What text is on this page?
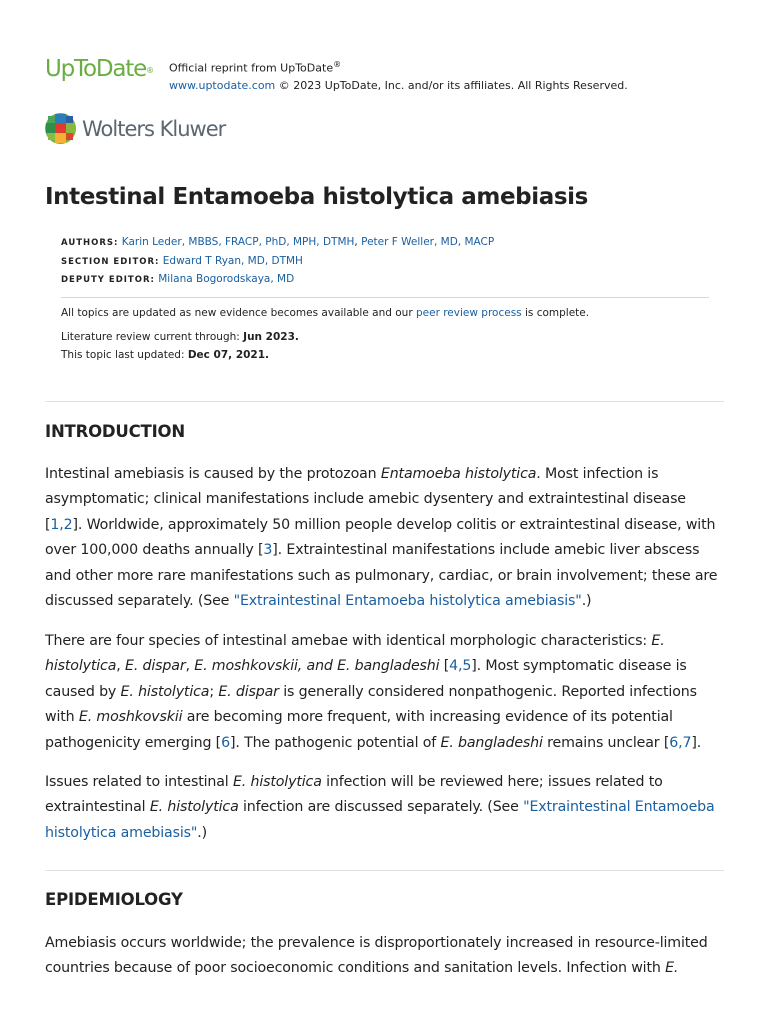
UpToDate® Official reprint from UpToDate®
www.uptodate.com © 2023 UpToDate, Inc. and/or its affiliates. All Rights Reserved.
Wolters Kluwer
Intestinal Entamoeba histolytica amebiasis
AUTHORS: Karin Leder, MBBS, FRACP, PhD, MPH, DTMH, Peter F Weller, MD, MACP
SECTION EDITOR: Edward T Ryan, MD, DTMH
DEPUTY EDITOR: Milana Bogorodskaya, MD
All topics are updated as new evidence becomes available and our peer review process is complete.
Literature review current through: Jun 2023.
This topic last updated: Dec 07, 2021.
INTRODUCTION

Intestinal amebiasis is caused by the protozoan Entamoeba histolytica. Most infection is asymptomatic; clinical manifestations include amebic dysentery and extraintestinal disease [1,2]. Worldwide, approximately 50 million people develop colitis or extraintestinal disease, with over 100,000 deaths annually [3]. Extraintestinal manifestations include amebic liver abscess and other more rare manifestations such as pulmonary, cardiac, or brain involvement; these are discussed separately. (See "Extraintestinal Entamoeba histolytica amebiasis".)

There are four species of intestinal amebae with identical morphologic characteristics: E. histolytica, E. dispar, E. moshkovskii, and E. bangladeshi [4,5]. Most symptomatic disease is caused by E. histolytica; E. dispar is generally considered nonpathogenic. Reported infections with E. moshkovskii are becoming more frequent, with increasing evidence of its potential pathogenicity emerging [6]. The pathogenic potential of E. bangladeshi remains unclear [6,7].

Issues related to intestinal E. histolytica infection will be reviewed here; issues related to extraintestinal E. histolytica infection are discussed separately. (See "Extraintestinal Entamoeba histolytica amebiasis".)

EPIDEMIOLOGY

Amebiasis occurs worldwide; the prevalence is disproportionately increased in resource-limited countries because of poor socioeconomic conditions and sanitation levels. Infection with E.
